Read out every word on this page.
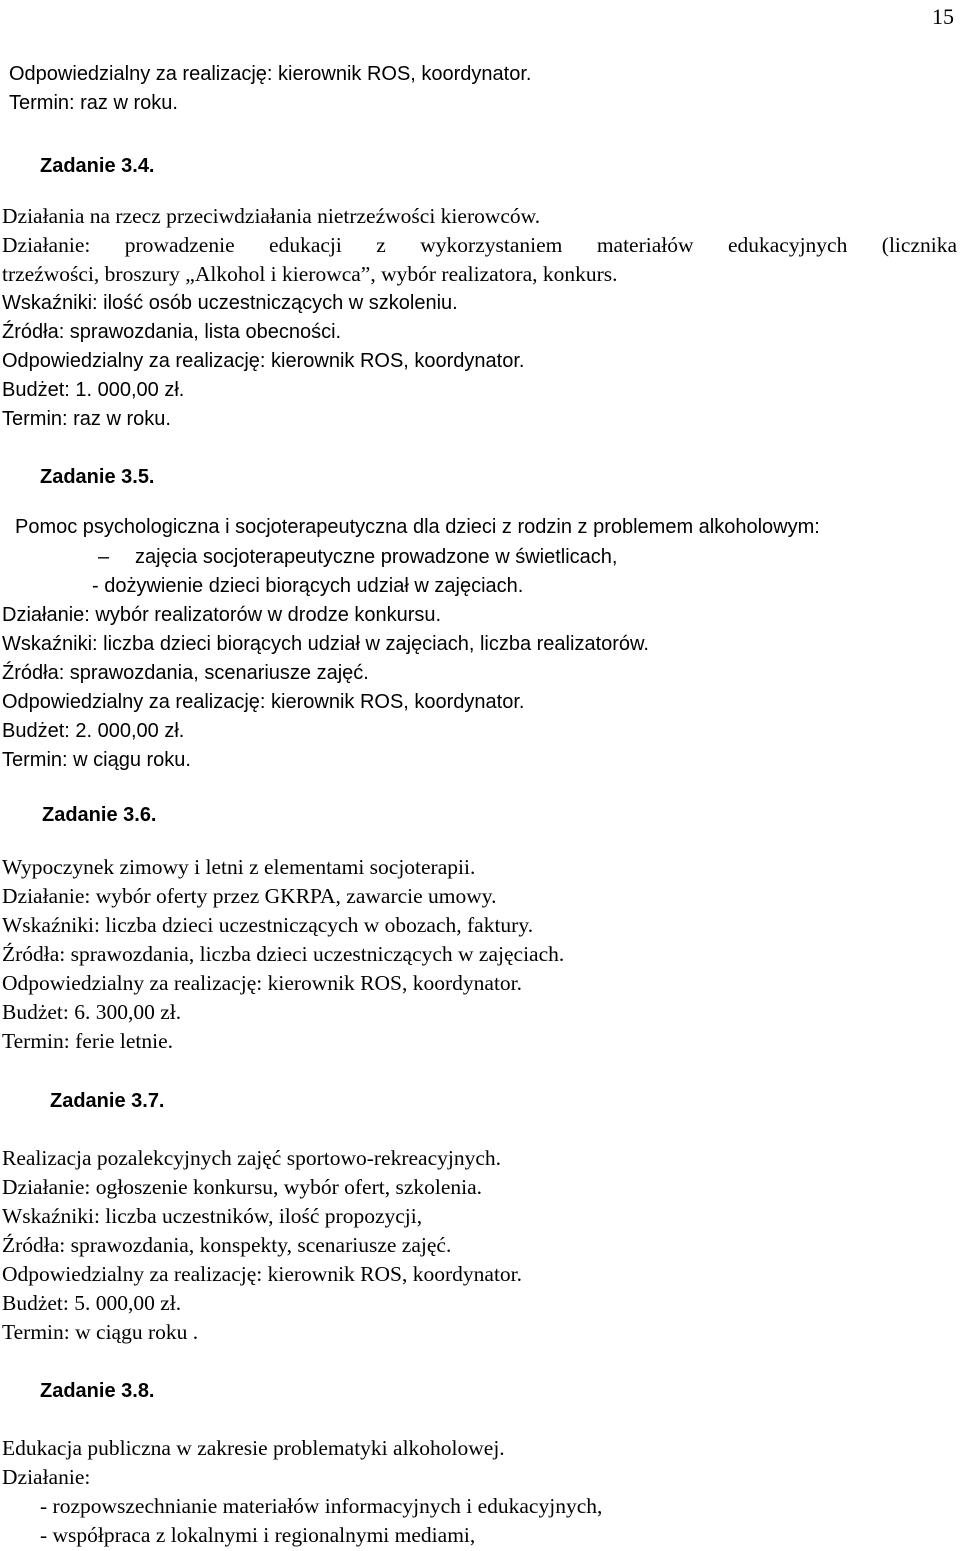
15
Odpowiedzialny za realizację: kierownik ROS, koordynator.
Termin: raz w roku.
Zadanie 3.4.
Działania na rzecz przeciwdziałania nietrzeźwości kierowców.
Działanie: prowadzenie edukacji z wykorzystaniem materiałów edukacyjnych (licznika
trzeźwości, broszury „Alkohol i kierowca”, wybór realizatora, konkurs.
Wskaźniki: ilość osób uczestniczących w szkoleniu.
Źródła: sprawozdania, lista obecności.
Odpowiedzialny za realizację: kierownik ROS, koordynator.
Budżet: 1. 000,00 zł.
Termin: raz w roku.
Zadanie 3.5.
Pomoc psychologiczna i socjoterapeutyczna dla dzieci z rodzin z problemem alkoholowym:
– zajęcia socjoterapeutyczne prowadzone w świetlicach,
- dożywienie dzieci biorących udział w zajęciach.
Działanie: wybór realizatorów w drodze konkursu.
Wskaźniki: liczba dzieci biorących udział w zajęciach, liczba realizatorów.
Źródła: sprawozdania, scenariusze zajęć.
Odpowiedzialny za realizację: kierownik ROS, koordynator.
Budżet: 2. 000,00 zł.
Termin: w ciągu roku.
Zadanie 3.6.
Wypoczynek zimowy i letni z elementami socjoterapii.
Działanie: wybór oferty przez GKRPA, zawarcie umowy.
Wskaźniki: liczba dzieci uczestniczących w obozach, faktury.
Źródła: sprawozdania, liczba dzieci uczestniczących w zajęciach.
Odpowiedzialny za realizację: kierownik ROS, koordynator.
Budżet: 6. 300,00 zł.
Termin: ferie letnie.
Zadanie 3.7.
Realizacja pozalekcyjnych zajęć sportowo-rekreacyjnych.
Działanie: ogłoszenie konkursu, wybór ofert, szkolenia.
Wskaźniki: liczba uczestników, ilość propozycji,
Źródła: sprawozdania, konspekty, scenariusze zajęć.
Odpowiedzialny za realizację: kierownik ROS, koordynator.
Budżet: 5. 000,00 zł.
Termin: w ciągu roku .
Zadanie 3.8.
Edukacja publiczna w zakresie problematyki alkoholowej.
Działanie:
- rozpowszechnianie materiałów informacyjnych i edukacyjnych,
- współpraca z lokalnymi i regionalnymi mediami,
